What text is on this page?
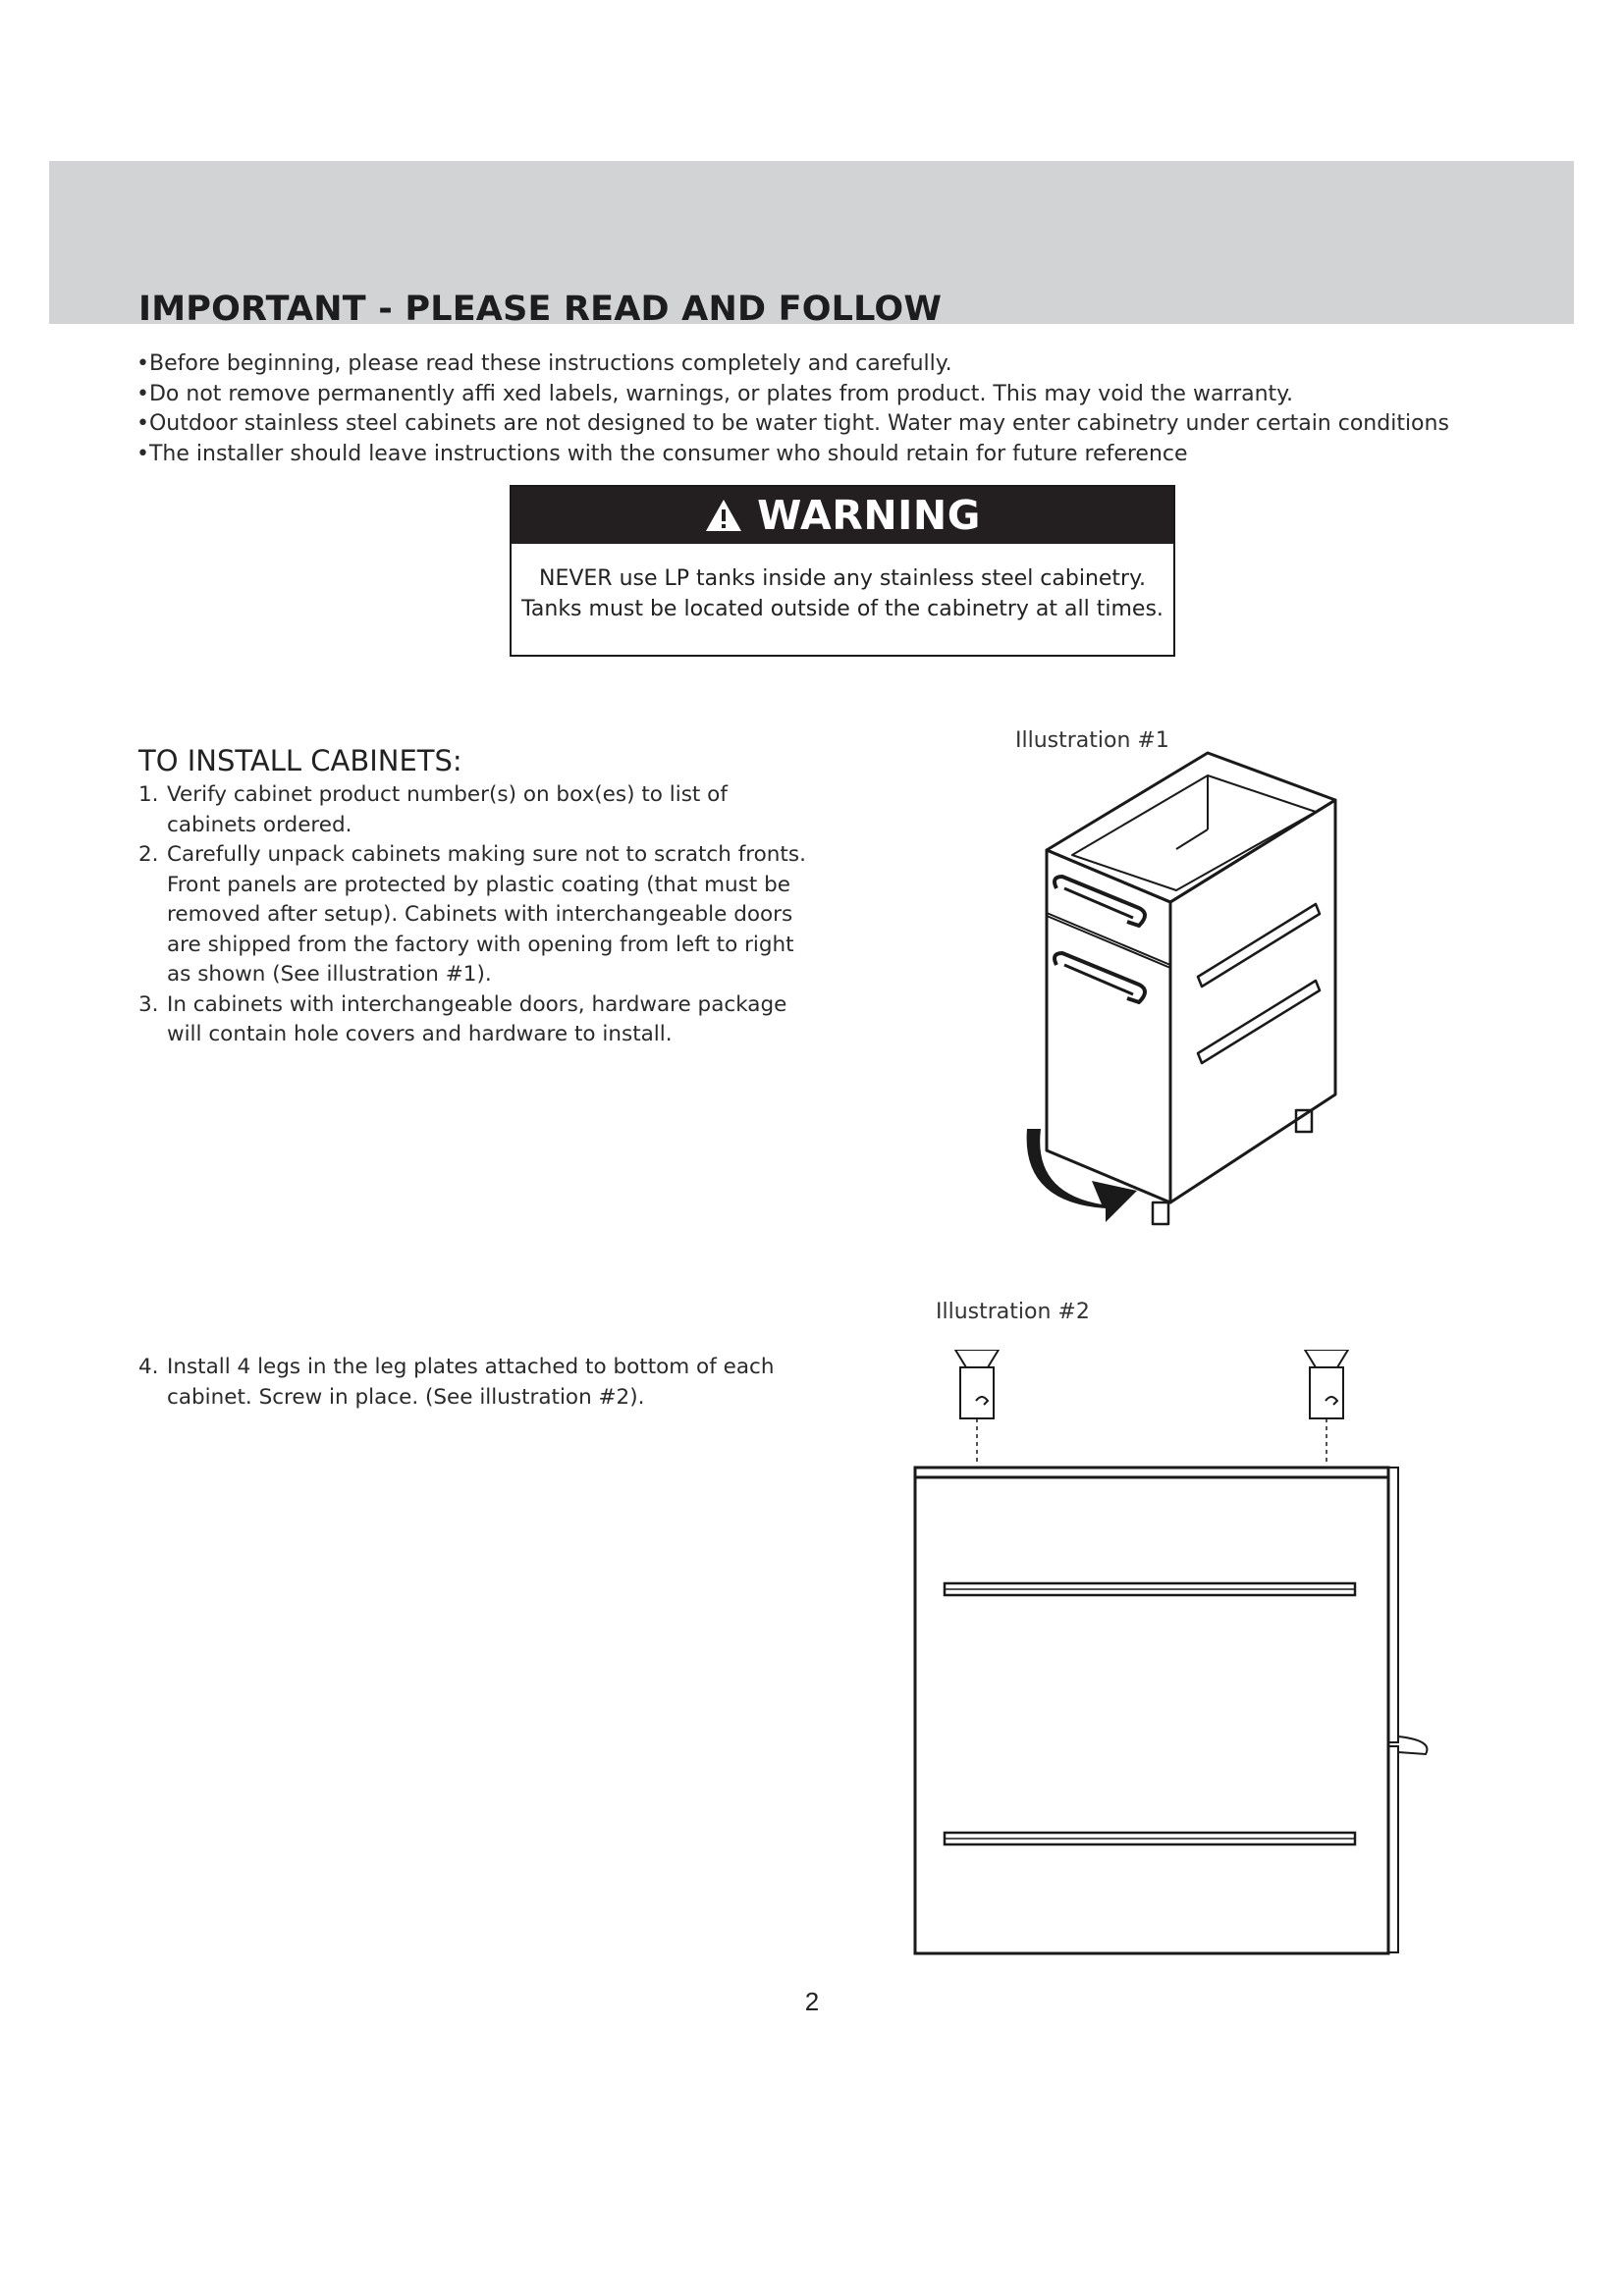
IMPORTANT - PLEASE READ AND FOLLOW
• Before beginning, please read these instructions completely and carefully.
• Do not remove permanently affi xed labels, warnings, or plates from product. This may void the warranty.
• Outdoor stainless steel cabinets are not designed to be water tight. Water may enter cabinetry under certain conditions
• The installer should leave instructions with the consumer who should retain for future reference
WARNING
NEVER use LP tanks inside any stainless steel cabinetry.
Tanks must be located outside of the cabinetry at all times.
TO INSTALL CABINETS:
1. Verify cabinet product number(s) on box(es) to list of
cabinets ordered.
2. Carefully unpack cabinets making sure not to scratch fronts.
Front panels are protected by plastic coating (that must be
removed after setup). Cabinets with interchangeable doors
are shipped from the factory with opening from left to right
as shown (See illustration #1).
3. In cabinets with interchangeable doors, hardware package
will contain hole covers and hardware to install.
4. Install 4 legs in the leg plates attached to bottom of each
cabinet. Screw in place. (See illustration #2).

Illustration #1

Illustration #2

2
